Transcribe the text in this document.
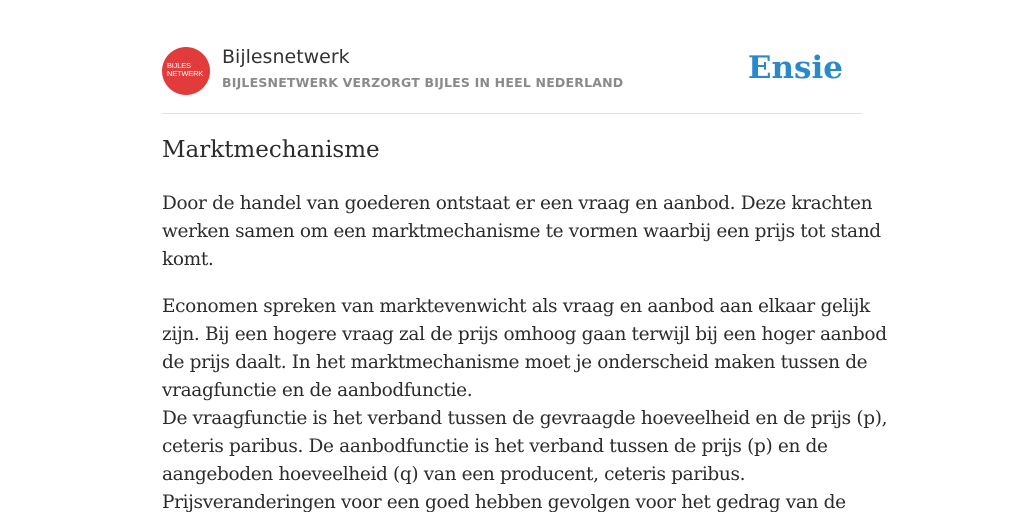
BIJLES
NETWERK
Bijlesnetwerk
BIJLESNETWERK VERZORGT BIJLES IN HEEL NEDERLAND	Ensie
Marktmechanisme

Door de handel van goederen ontstaat er een vraag en aanbod. Deze krachten
werken samen om een marktmechanisme te vormen waarbij een prijs tot stand
komt.

Economen spreken van marktevenwicht als vraag en aanbod aan elkaar gelijk
zijn. Bij een hogere vraag zal de prijs omhoog gaan terwijl bij een hoger aanbod
de prijs daalt. In het marktmechanisme moet je onderscheid maken tussen de
vraagfunctie en de aanbodfunctie.
De vraagfunctie is het verband tussen de gevraagde hoeveelheid en de prijs (p),
ceteris paribus. De aanbodfunctie is het verband tussen de prijs (p) en de
aangeboden hoeveelheid (q) van een producent, ceteris paribus.
Prijsveranderingen voor een goed hebben gevolgen voor het gedrag van de
